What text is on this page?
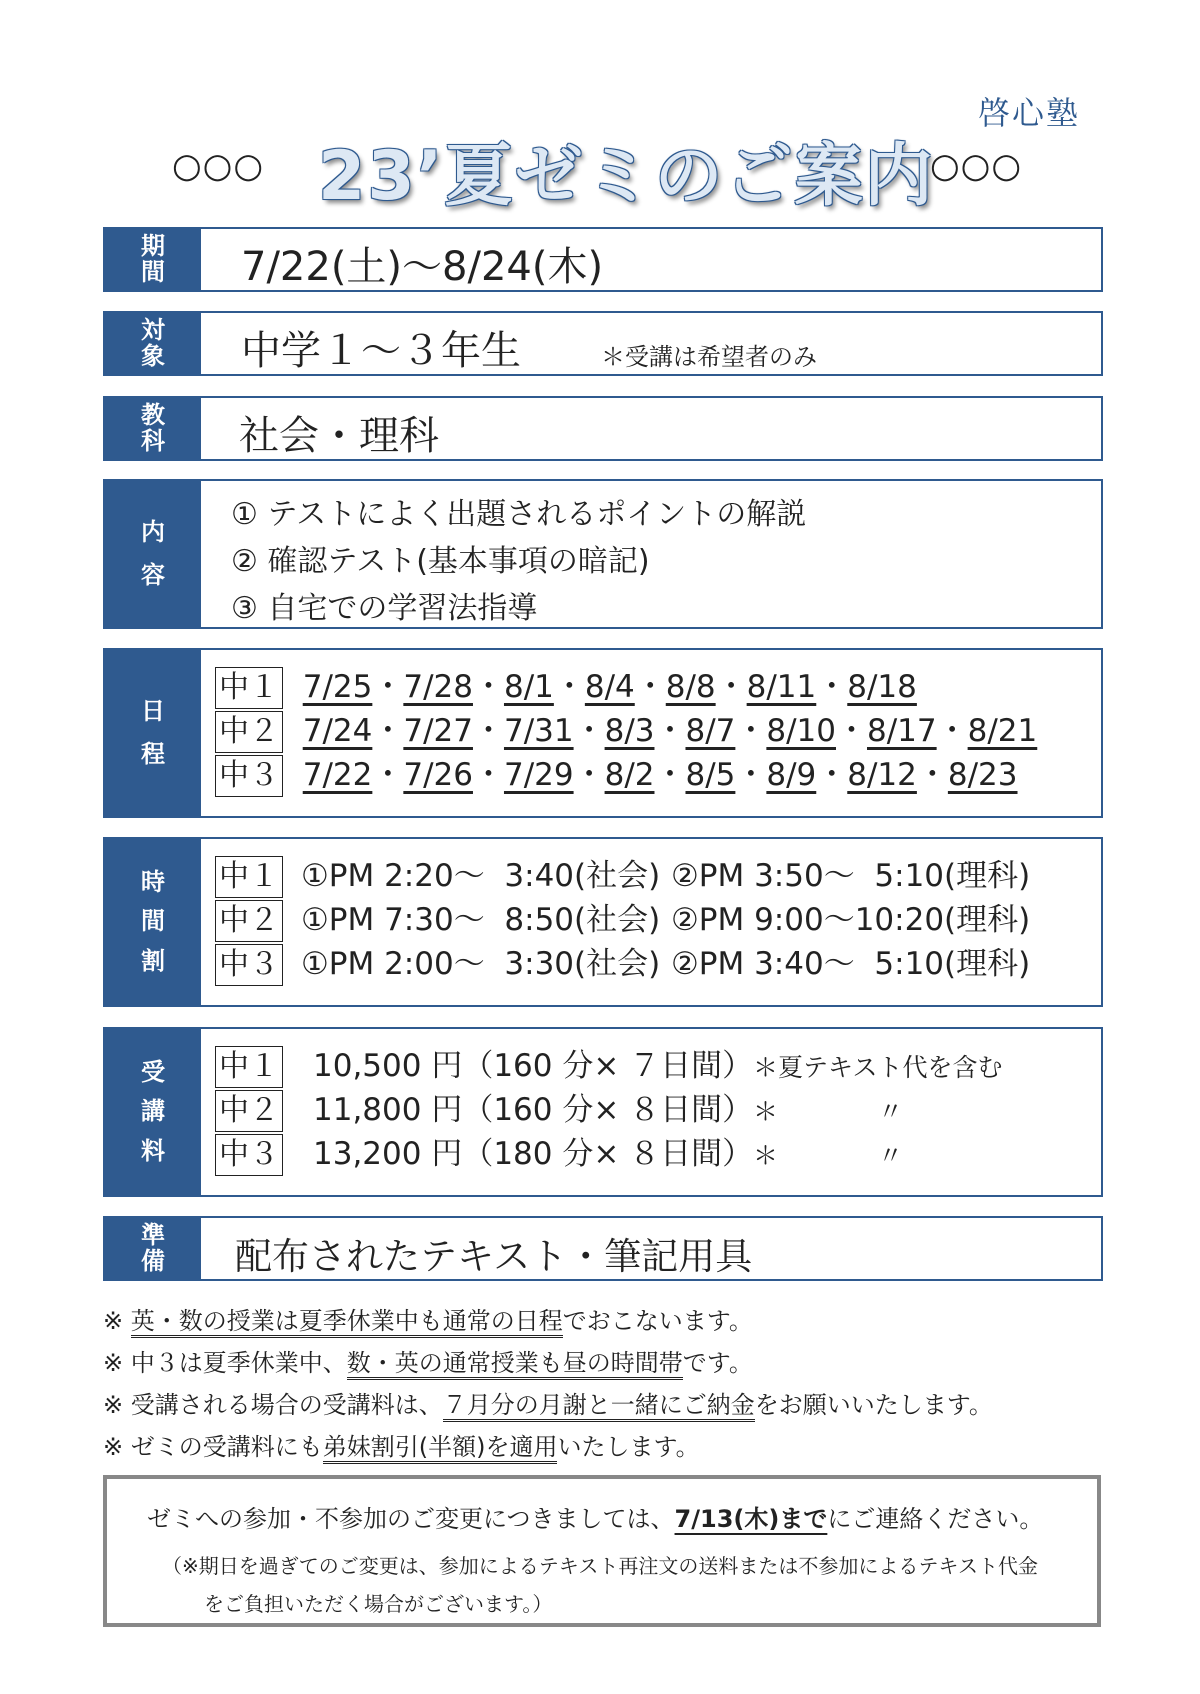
啓心塾
○○○ 23’夏ゼミのご案内
○○○
期
間 7/22(土)～8/24(木)
対
象 中学１～３年生	＊受講は希望者のみ
教
科 社会・理科
内
容
① テストによく出題されるポイントの解説
② 確認テスト(基本事項の暗記)
③ 自宅での学習法指導
日
程
中１ 7/25・7/28・8/1・8/4・8/8・8/11・8/18
中２ 7/24・7/27・7/31・8/3・8/7・8/10・8/17・8/21
中３ 7/22・7/26・7/29・8/2・8/5・8/9・8/12・8/23
時
間
割
中１ ①PM 2:20～  3:40(社会) ②PM 3:50～  5:10(理科)
中２ ①PM 7:30～  8:50(社会) ②PM 9:00～10:20(理科)
中３ ①PM 2:00～  3:30(社会) ②PM 3:40～  5:10(理科)
受
講
料
中１ 10,500 円（160 分× ７日間）＊夏テキスト代を含む
中２ 11,800 円（160 分× ８日間）＊　　　　〃
中３ 13,200 円（180 分× ８日間）＊　　　　〃
準
備 配布されたテキスト・筆記用具
※ 英・数の授業は夏季休業中も通常の日程でおこないます。
※ 中３は夏季休業中、数・英の通常授業も昼の時間帯です。
※ 受講される場合の受講料は、７月分の月謝と一緒にご納金をお願いいたします。
※ ゼミの受講料にも弟妹割引(半額)を適用いたします。
ゼミへの参加・不参加のご変更につきましては、7/13(木)までにご連絡ください。
（※期日を過ぎてのご変更は、参加によるテキスト再注文の送料または不参加によるテキスト代金
をご負担いただく場合がございます。）
